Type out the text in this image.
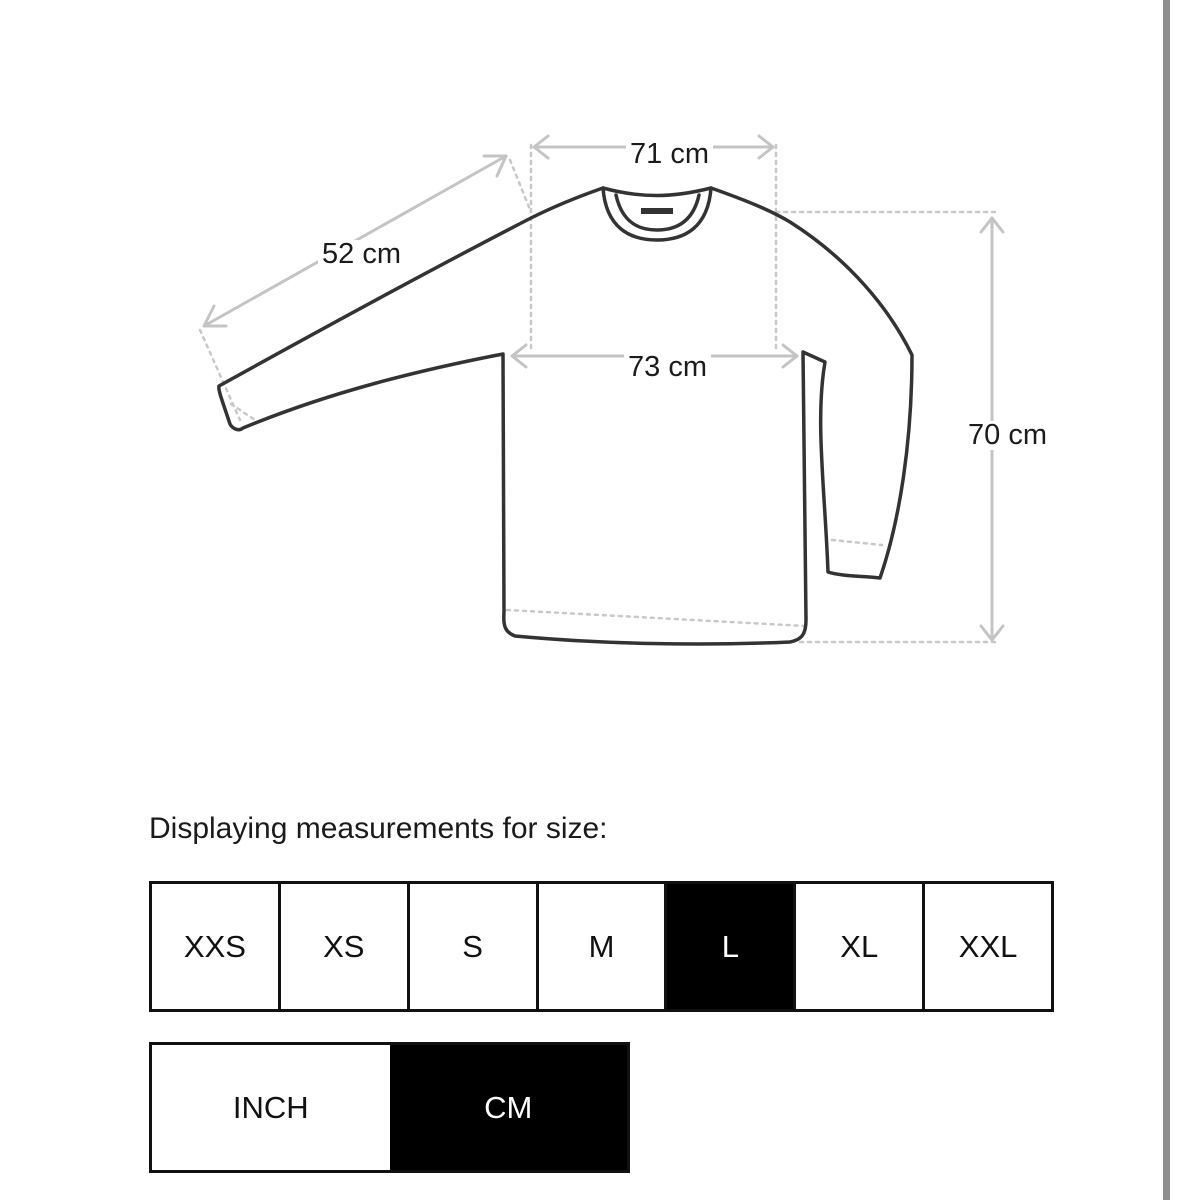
52 cm
71 cm
73 cm
70 cm
Displaying measurements for size:
XXS	XS	S	M	L	XL	XXL
INCH	CM
